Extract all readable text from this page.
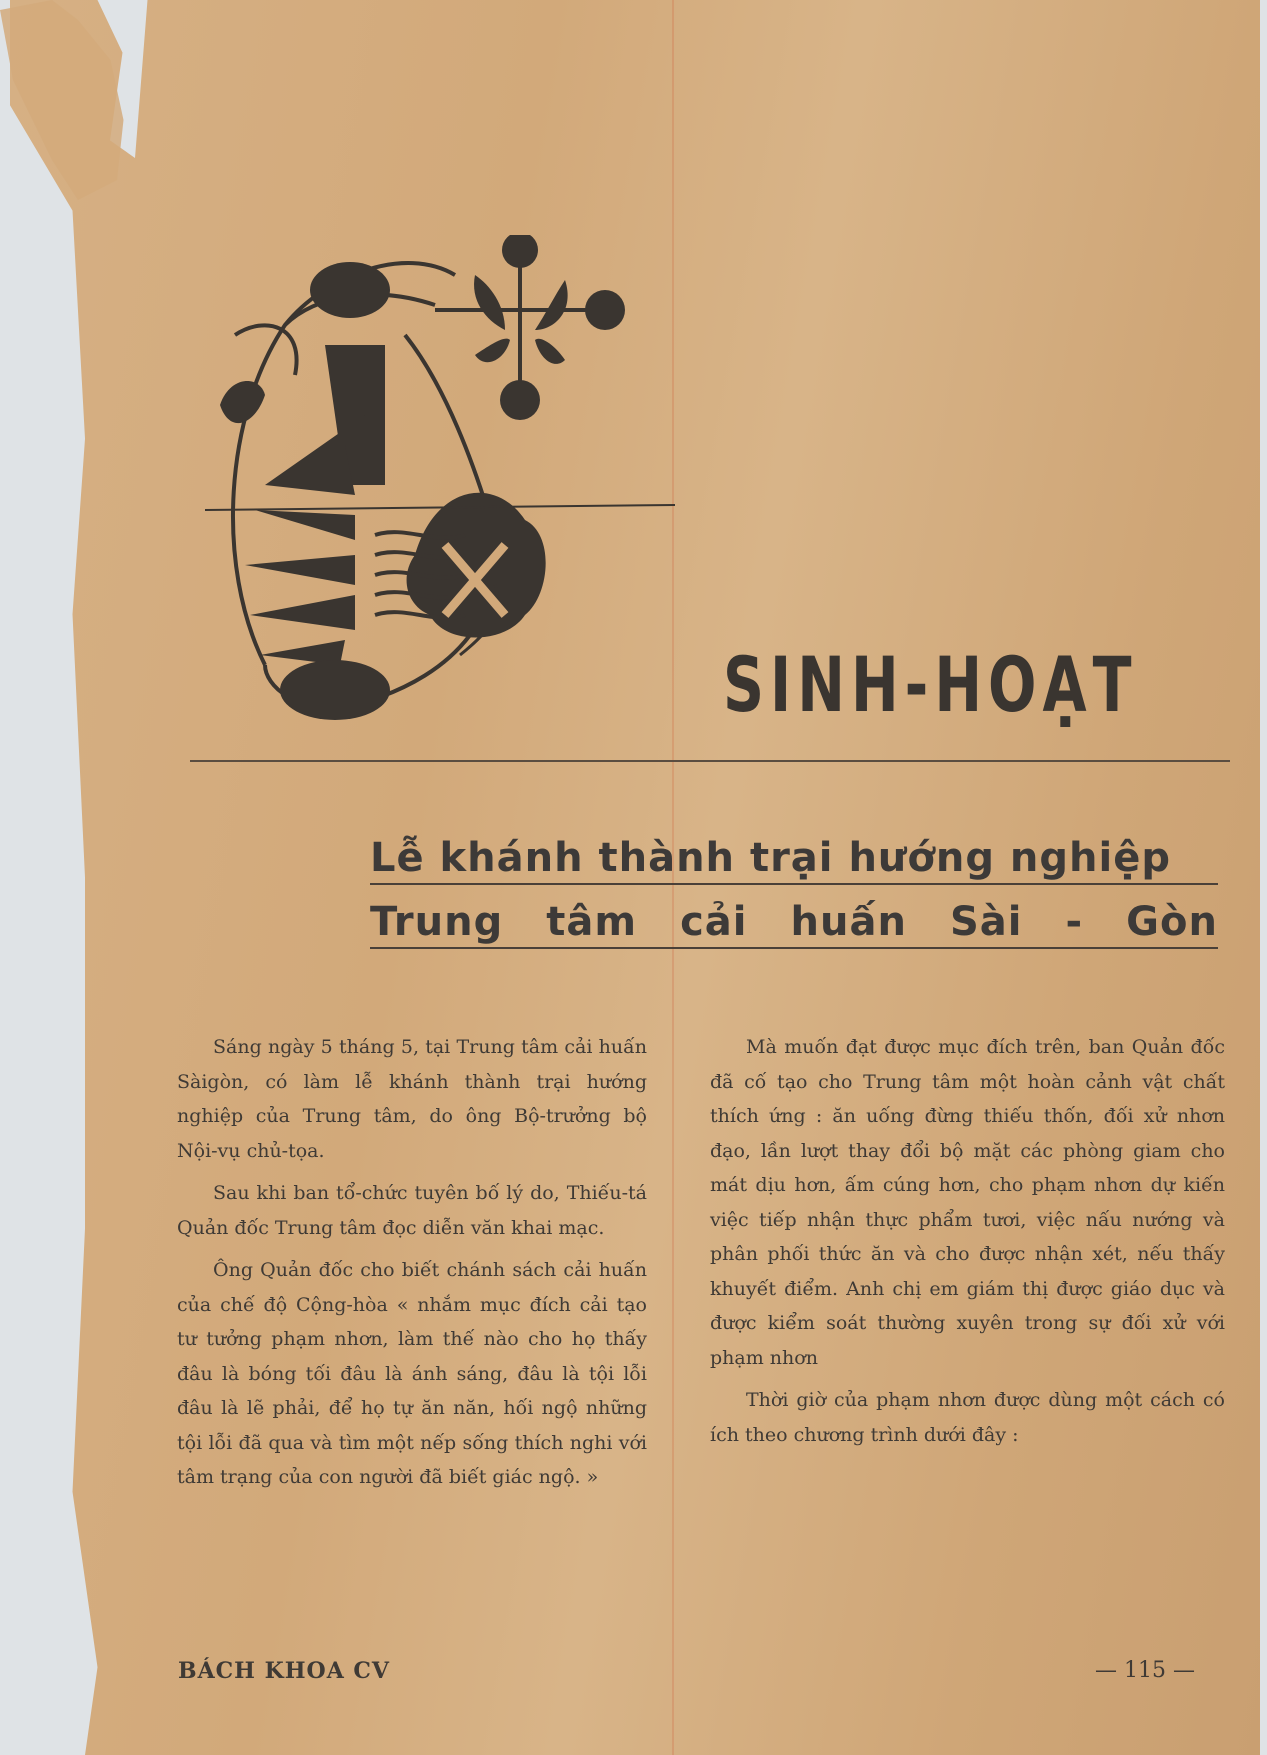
SINH-HOẠT
Lễ khánh thành trại hướng nghiệp
Trung tâm cải huấn Sài - Gòn

Sáng ngày 5 tháng 5, tại Trung tâm cải huấn Sàigòn, có làm lễ khánh thành trại hướng nghiệp của Trung tâm, do ông Bộ-trưởng bộ Nội-vụ chủ-tọa.

Sau khi ban tổ-chức tuyên bố lý do, Thiếu-tá Quản đốc Trung tâm đọc diễn văn khai mạc.

Ông Quản đốc cho biết chánh sách cải huấn của chế độ Cộng-hòa « nhắm mục đích cải tạo tư tưởng phạm nhơn, làm thế nào cho họ thấy đâu là bóng tối đâu là ánh sáng, đâu là tội lỗi đâu là lẽ phải, để họ tự ăn năn, hối ngộ những tội lỗi đã qua và tìm một nếp sống thích nghi với tâm trạng của con người đã biết giác ngộ. »

Mà muốn đạt được mục đích trên, ban Quản đốc đã cố tạo cho Trung tâm một hoàn cảnh vật chất thích ứng : ăn uống đừng thiếu thốn, đối xử nhơn đạo, lần lượt thay đổi bộ mặt các phòng giam cho mát dịu hơn, ấm cúng hơn, cho phạm nhơn dự kiến việc tiếp nhận thực phẩm tươi, việc nấu nướng và phân phối thức ăn và cho được nhận xét, nếu thấy khuyết điểm. Anh chị em giám thị được giáo dục và được kiểm soát thường xuyên trong sự đối xử với phạm nhơn

Thời giờ của phạm nhơn được dùng một cách có ích theo chương trình dưới đây :

BÁCH KHOA CV	— 115 —
